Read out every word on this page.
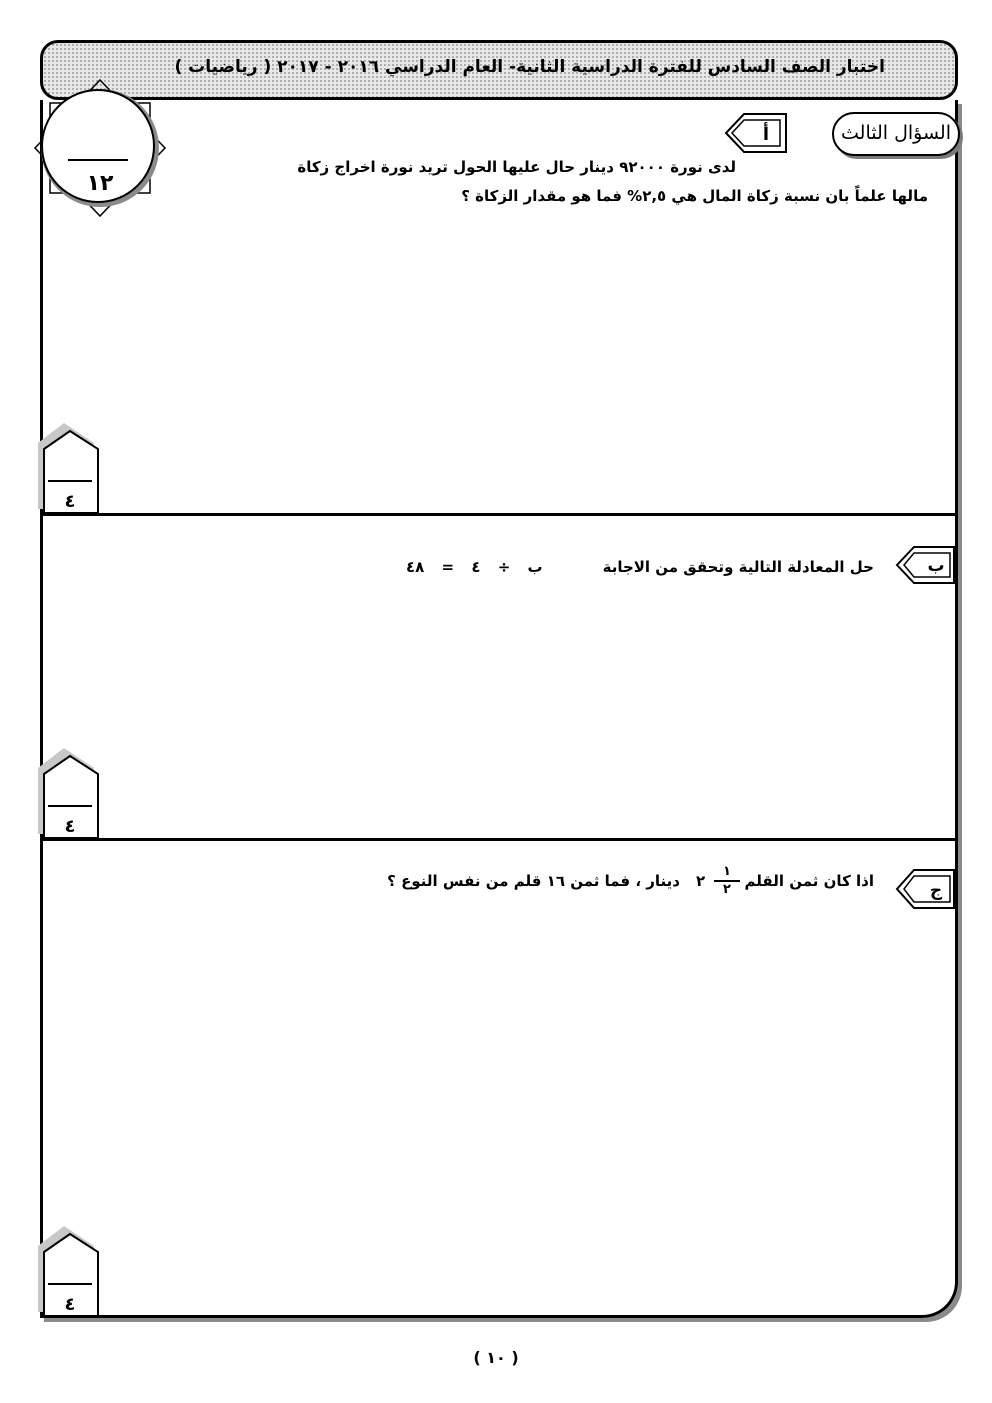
اختبار الصف السادس للفترة الدراسية الثانية- العام الدراسي ٢٠١٦ - ٢٠١٧ ( رياضيات )
١٢
السؤال الثالث
أ
لدى نورة ٩٢٠٠٠ دينار حال عليها الحول تريد نورة اخراج زكاة
مالها علماً بان نسبة زكاة المال هي ٢,٥% فما هو مقدار الزكاة ؟
٤
ب
حل المعادلة التالية وتحقق من الاجابة
ب ÷ ٤ = ٤٨
٤
ج
اذا كان ثمن القلم
١
٢
٢
دينار ، فما ثمن ١٦ قلم من نفس النوع ؟
٤
( ١٠ )
